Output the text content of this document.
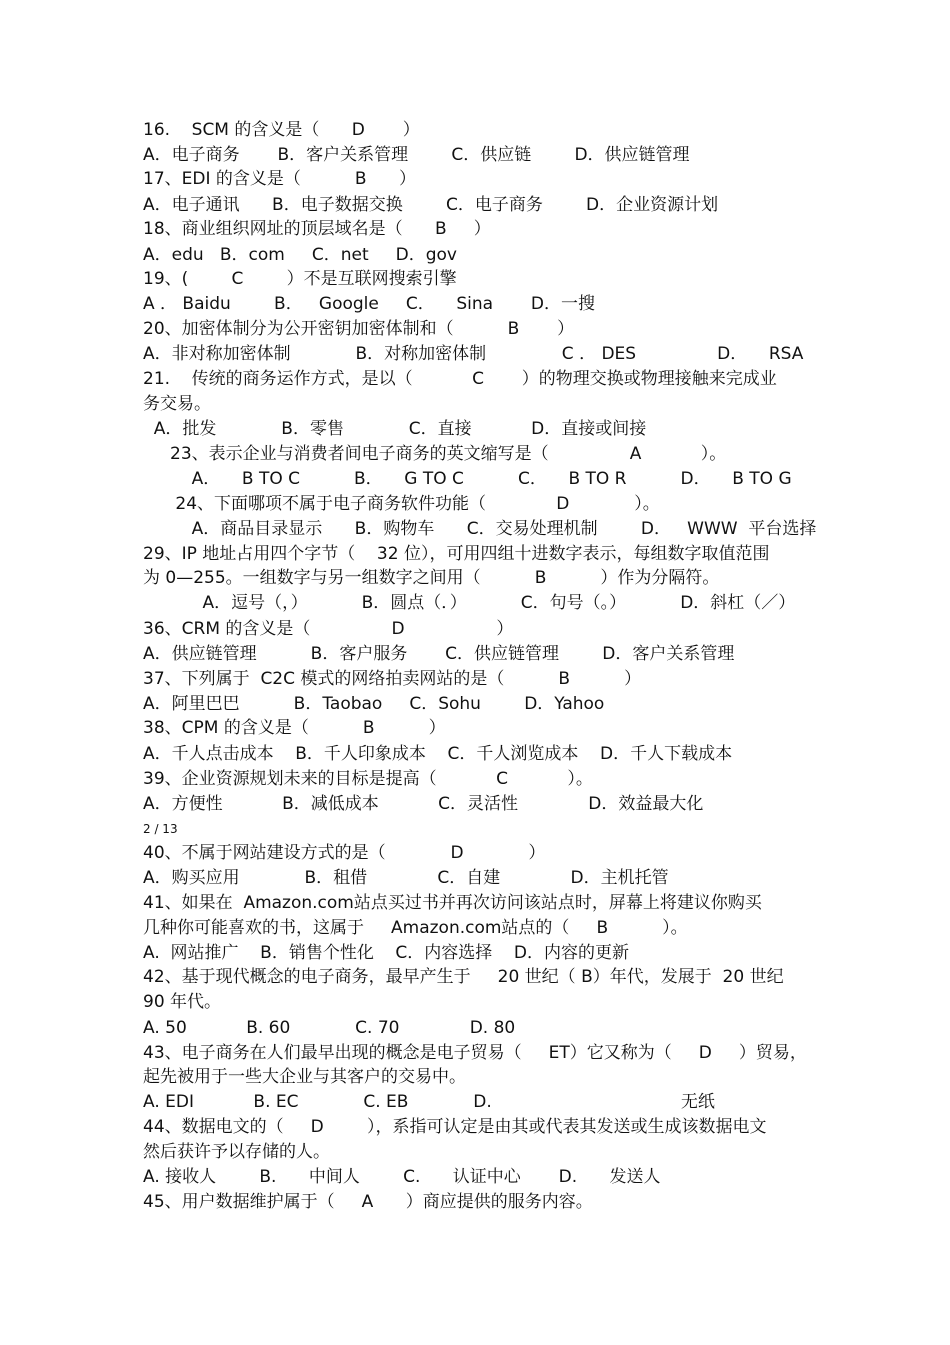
16.    SCM 的含义是（      D       ）

A．电子商务       B．客户关系管理        C．供应链        D．供应链管理

17、EDI 的含义是（          B      ）

A．电子通讯      B．电子数据交换        C．电子商务        D．企业资源计划

18、商业组织网址的顶层域名是（      B     ）

A．edu   B．com     C．net     D．gov

19、(        C        ）不是互联网搜索引擎

A ． Baidu        B．   Google     C．    Sina       D．一搜

20、加密体制分为公开密钥加密体制和（          B       ）

A．非对称加密体制            B．对称加密体制              C ． DES               D．    RSA

21.    传统的商务运作方式，是以（           C       ）的物理交换或物理接触来完成业

务交易。

A．批发            B．零售            C．直接           D．直接或间接

23、表示企业与消费者间电子商务的英文缩写是（               A           ）。

A．    B TO C          B．    G TO C          C．    B TO R          D．    B TO G

24、下面哪项不属于电子商务软件功能（             D            ）。

A．商品目录显示      B．购物车      C．交易处理机制        D．   WWW  平台选择

29、IP 地址占用四个字节（    32 位），可用四组十进数字表示，每组数字取值范围

为 0—255。一组数字与另一组数字之间用（          B          ）作为分隔符。

A．逗号（，）          B．圆点（．）          C．句号（。）          D．斜杠（／）

36、CRM 的含义是（               D                 ）

A．供应链管理          B．客户服务       C．供应链管理        D．客户关系管理

37、下列属于  C2C 模式的网络拍卖网站的是（          B          ）

A．阿里巴巴          B．Taobao     C．Sohu        D．Yahoo

38、CPM 的含义是（          B          ）

A．千人点击成本    B．千人印象成本    C．千人浏览成本    D．千人下载成本

39、企业资源规划未来的目标是提高（           C           ）。

A．方便性           B．减低成本           C．灵活性             D．效益最大化

2 / 13

40、不属于网站建设方式的是（            D            ）

A．购买应用            B．租借             C．自建             D．主机托管

41、如果在  Amazon.com站点买过书并再次访问该站点时，屏幕上将建议你购买

几种你可能喜欢的书，这属于     Amazon.com站点的（     B          ）。

A.  网站推广    B．销售个性化    C．内容选择    D．内容的更新

42、基于现代概念的电子商务，最早产生于     20 世纪（ B）年代，发展于  20 世纪

90 年代。

A. 50           B. 60            C. 70             D. 80

43、电子商务在人们最早出现的概念是电子贸易（     ET）它又称为（     D     ）贸易，

起先被用于一些大企业与其客户的交易中。

A. EDI           B. EC            C. EB            D.                                   无纸

44、数据电文的（     D        ），系指可认定是由其或代表其发送或生成该数据电文

然后获许予以存储的人。

A. 接收人        B.      中间人        C.      认证中心       D.      发送人

45、用户数据维护属于（     A      ）商应提供的服务内容。
